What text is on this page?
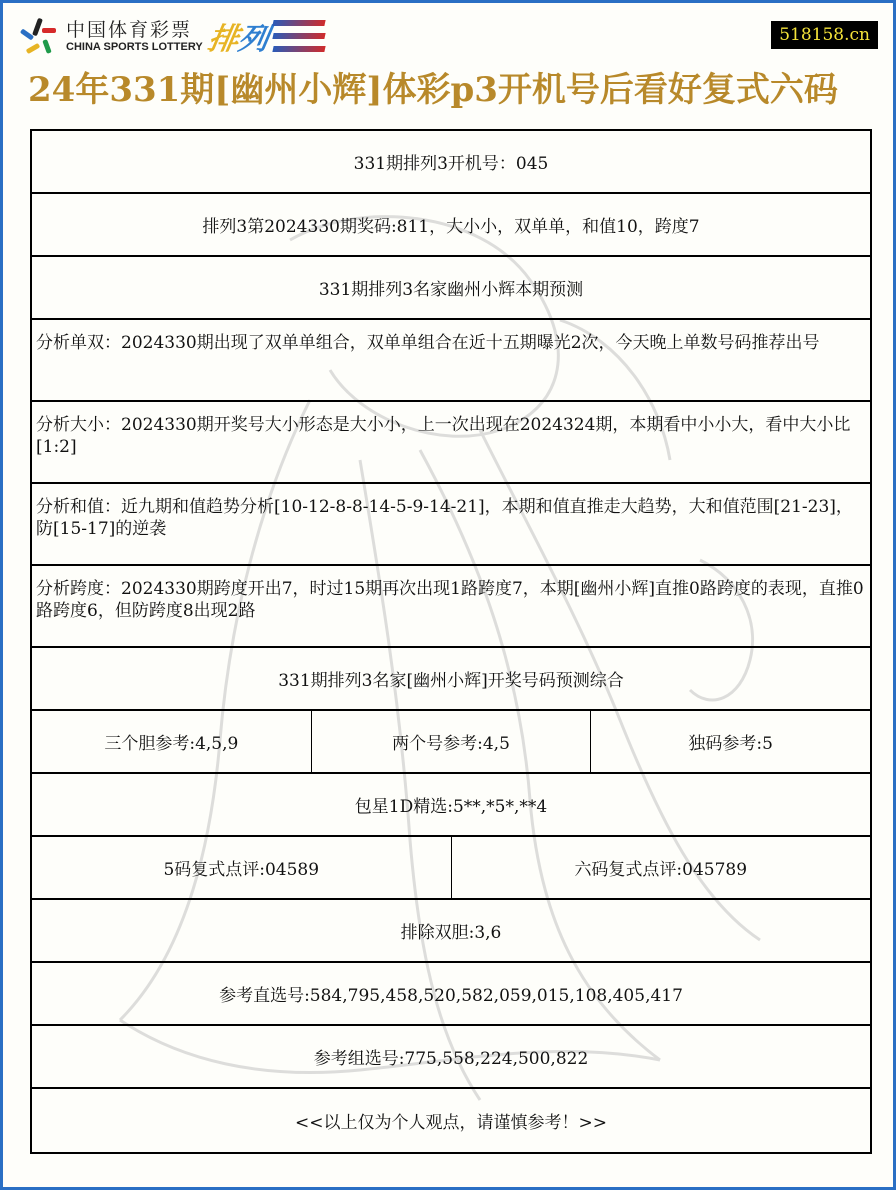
中国体育彩票
CHINA SPORTS LOTTERY 排
列	518158.cn
24年331期[幽州小辉]体彩p3开机号后看好复式六码
331期排列3开机号：045
排列3第2024330期奖码:811，大小小，双单单，和值10，跨度7
331期排列3名家幽州小辉本期预测
分析单双：2024330期出现了双单单组合，双单单组合在近十五期曝光2次，今天晚上单数号码推荐出号
分析大小：2024330期开奖号大小形态是大小小，上一次出现在2024324期，本期看中小小大，看中大小比[1:2]
分析和值：近九期和值趋势分析[10-12-8-8-14-5-9-14-21]，本期和值直推走大趋势，大和值范围[21-23]，防[15-17]的逆袭
分析跨度：2024330期跨度开出7，时过15期再次出现1路跨度7，本期[幽州小辉]直推0路跨度的表现，直推0路跨度6，但防跨度8出现2路
331期排列3名家[幽州小辉]开奖号码预测综合
三个胆参考:4,5,9	两个号参考:4,5	独码参考:5
包星1D精选:5**,*5*,**4
5码复式点评:04589	六码复式点评:045789
排除双胆:3,6
参考直选号:584,795,458,520,582,059,015,108,405,417
参考组选号:775,558,224,500,822
<<以上仅为个人观点，请谨慎参考！>>
